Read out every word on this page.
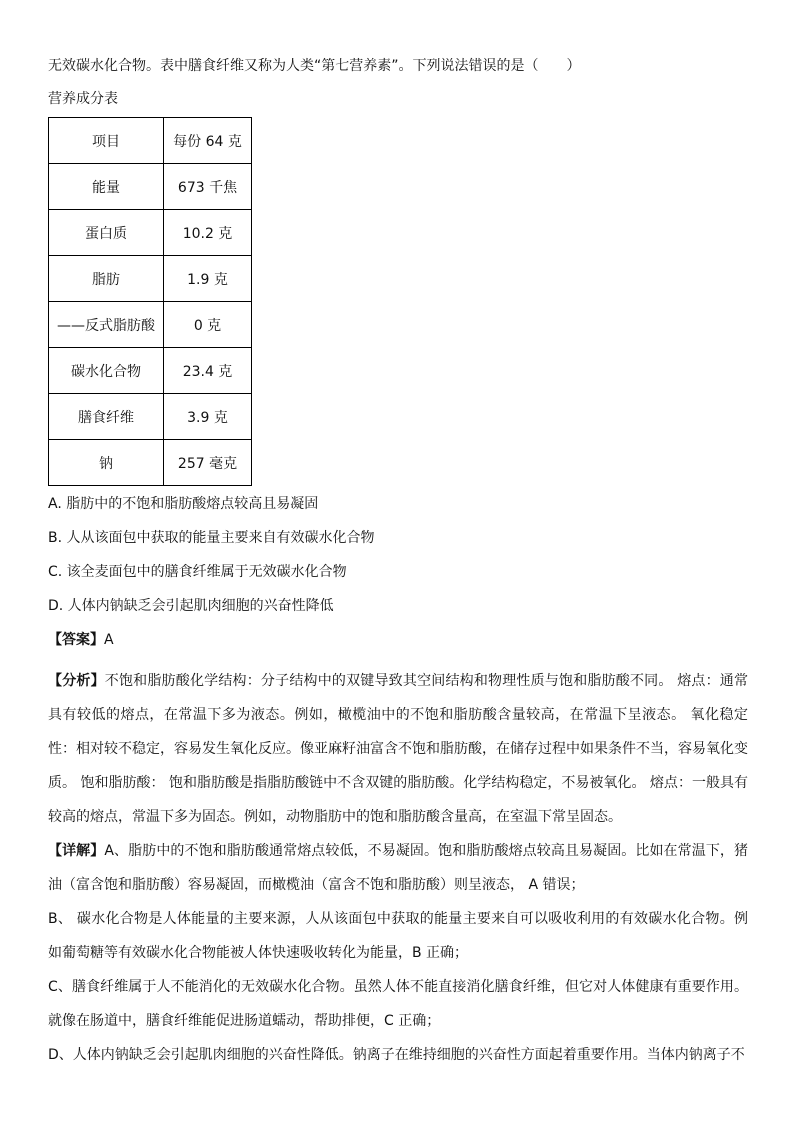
无效碳水化合物。表中膳食纤维又称为人类“第七营养素”。下列说法错误的是（　　）
营养成分表
项目	每份 64 克
能量	673 千焦
蛋白质	10.2 克
脂肪	1.9 克
——反式脂肪酸	0 克
碳水化合物	23.4 克
膳食纤维	3.9 克
钠	257 毫克
A. 脂肪中的不饱和脂肪酸熔点较高且易凝固
B. 人从该面包中获取的能量主要来自有效碳水化合物
C. 该全麦面包中的膳食纤维属于无效碳水化合物
D. 人体内钠缺乏会引起肌肉细胞的兴奋性降低
【答案】A
【分析】不饱和脂肪酸化学结构：分子结构中的双键导致其空间结构和物理性质与饱和脂肪酸不同。 熔点：通常具有较低的熔点，在常温下多为液态。例如，橄榄油中的不饱和脂肪酸含量较高，在常温下呈液态。 氧化稳定性：相对较不稳定，容易发生氧化反应。像亚麻籽油富含不饱和脂肪酸，在储存过程中如果条件不当，容易氧化变质。 饱和脂肪酸： 饱和脂肪酸是指脂肪酸链中不含双键的脂肪酸。化学结构稳定，不易被氧化。 熔点：一般具有较高的熔点，常温下多为固态。例如，动物脂肪中的饱和脂肪酸含量高，在室温下常呈固态。
【详解】A、脂肪中的不饱和脂肪酸通常熔点较低，不易凝固。饱和脂肪酸熔点较高且易凝固。比如在常温下，猪油（富含饱和脂肪酸）容易凝固，而橄榄油（富含不饱和脂肪酸）则呈液态， A 错误；
B、 碳水化合物是人体能量的主要来源，人从该面包中获取的能量主要来自可以吸收利用的有效碳水化合物。例如葡萄糖等有效碳水化合物能被人体快速吸收转化为能量，B 正确；
C、膳食纤维属于人不能消化的无效碳水化合物。虽然人体不能直接消化膳食纤维，但它对人体健康有重要作用。就像在肠道中，膳食纤维能促进肠道蠕动，帮助排便，C 正确；
D、人体内钠缺乏会引起肌肉细胞的兴奋性降低。钠离子在维持细胞的兴奋性方面起着重要作用。当体内钠离子不
